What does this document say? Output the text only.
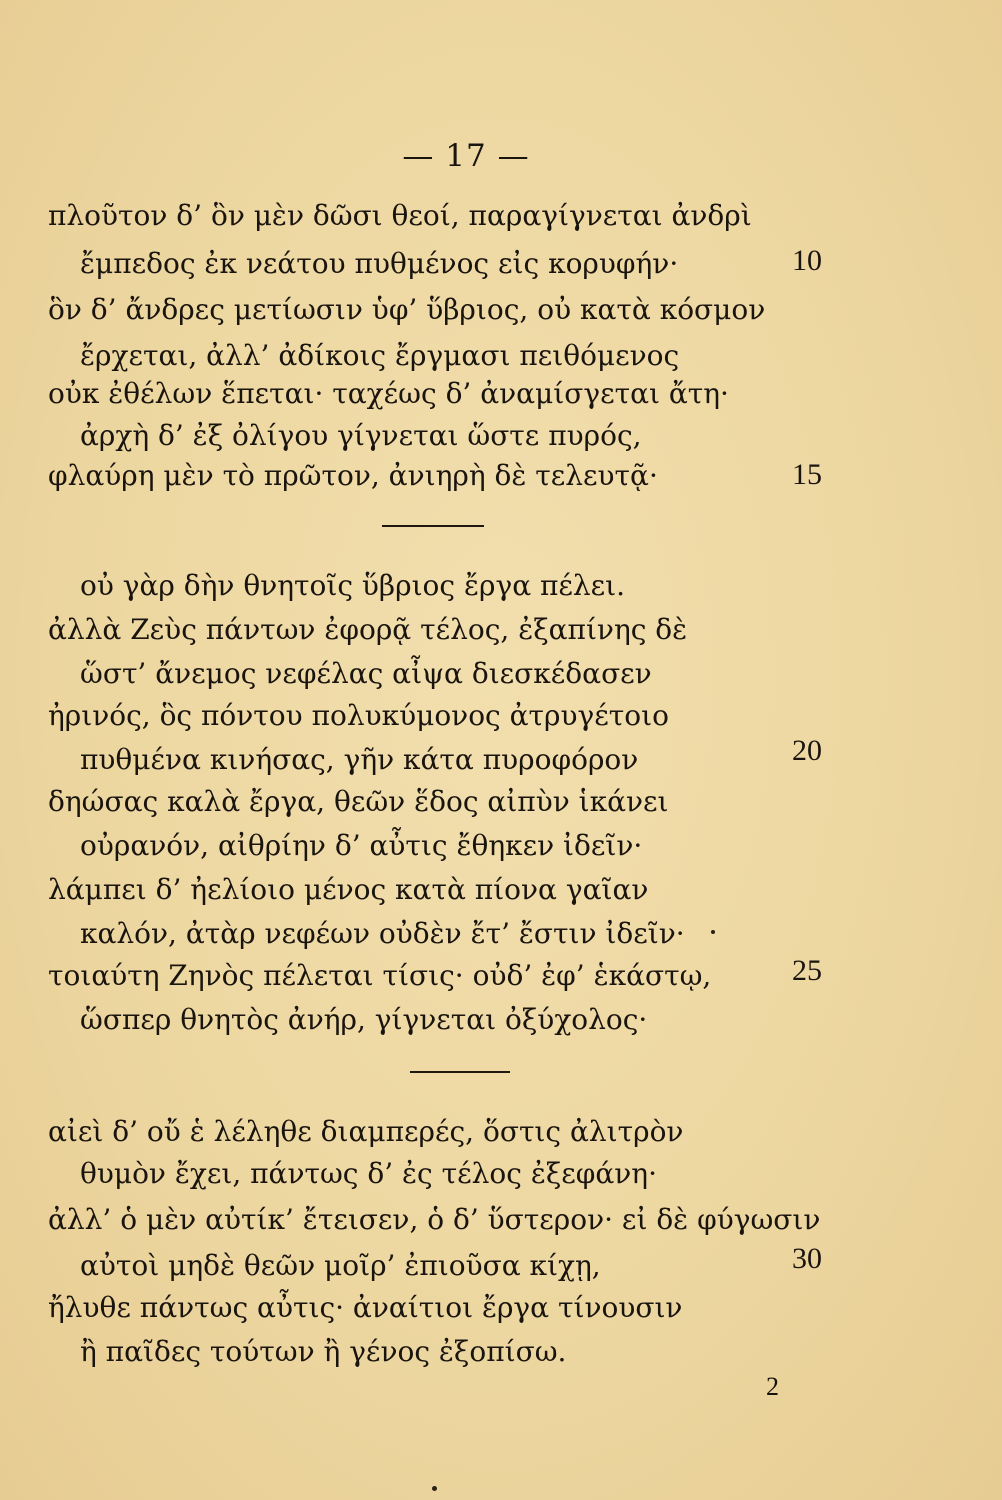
— 17 —
πλοῦτον δ’ ὃν μὲν δῶσι θεοί, παραγίγνεται ἀνδρὶ
ἔμπεδος ἐκ νεάτου πυθμένος εἰς κορυφήν·	10
ὃν δ’ ἄνδρες μετίωσιν ὑφ’ ὕβριος, οὐ κατὰ κόσμον
ἔρχεται, ἀλλ’ ἀδίκοις ἔργμασι πειθόμενος
οὐκ ἐθέλων ἕπεται· ταχέως δ’ ἀναμίσγεται ἄτη·
ἀρχὴ δ’ ἐξ ὀλίγου γίγνεται ὥστε πυρός,
φλαύρη μὲν τὸ πρῶτον, ἀνιηρὴ δὲ τελευτᾷ·	15
οὐ γὰρ δὴν θνητοῖς ὕβριος ἔργα πέλει.
ἀλλὰ Ζεὺς πάντων ἐφορᾷ τέλος, ἐξαπίνης δὲ
ὥστ’ ἄνεμος νεφέλας αἶψα διεσκέδασεν
ἠρινός, ὃς πόντου πολυκύμονος ἀτρυγέτοιο
πυθμένα κινήσας, γῆν κάτα πυροφόρον	20
δηώσας καλὰ ἔργα, θεῶν ἕδος αἰπὺν ἱκάνει
οὐρανόν, αἰθρίην δ’ αὖτις ἔθηκεν ἰδεῖν·
λάμπει δ’ ἠελίοιο μένος κατὰ πίονα γαῖαν
καλόν, ἀτὰρ νεφέων οὐδὲν ἔτ’ ἔστιν ἰδεῖν·
τοιαύτη Ζηνὸς πέλεται τίσις· οὐδ’ ἐφ’ ἑκάστῳ,	25
ὥσπερ θνητὸς ἀνήρ, γίγνεται ὀξύχολος·
αἰεὶ δ’ οὔ ἑ λέληθε διαμπερές, ὅστις ἀλιτρὸν
θυμὸν ἔχει, πάντως δ’ ἐς τέλος ἐξεφάνη·
ἀλλ’ ὁ μὲν αὐτίκ’ ἔτεισεν, ὁ δ’ ὕστερον· εἰ δὲ φύγωσιν
αὐτοὶ μηδὲ θεῶν μοῖρ’ ἐπιοῦσα κίχῃ,	30
ἤλυθε πάντως αὖτις· ἀναίτιοι ἔργα τίνουσιν
ἢ παῖδες τούτων ἢ γένος ἐξοπίσω.
2
